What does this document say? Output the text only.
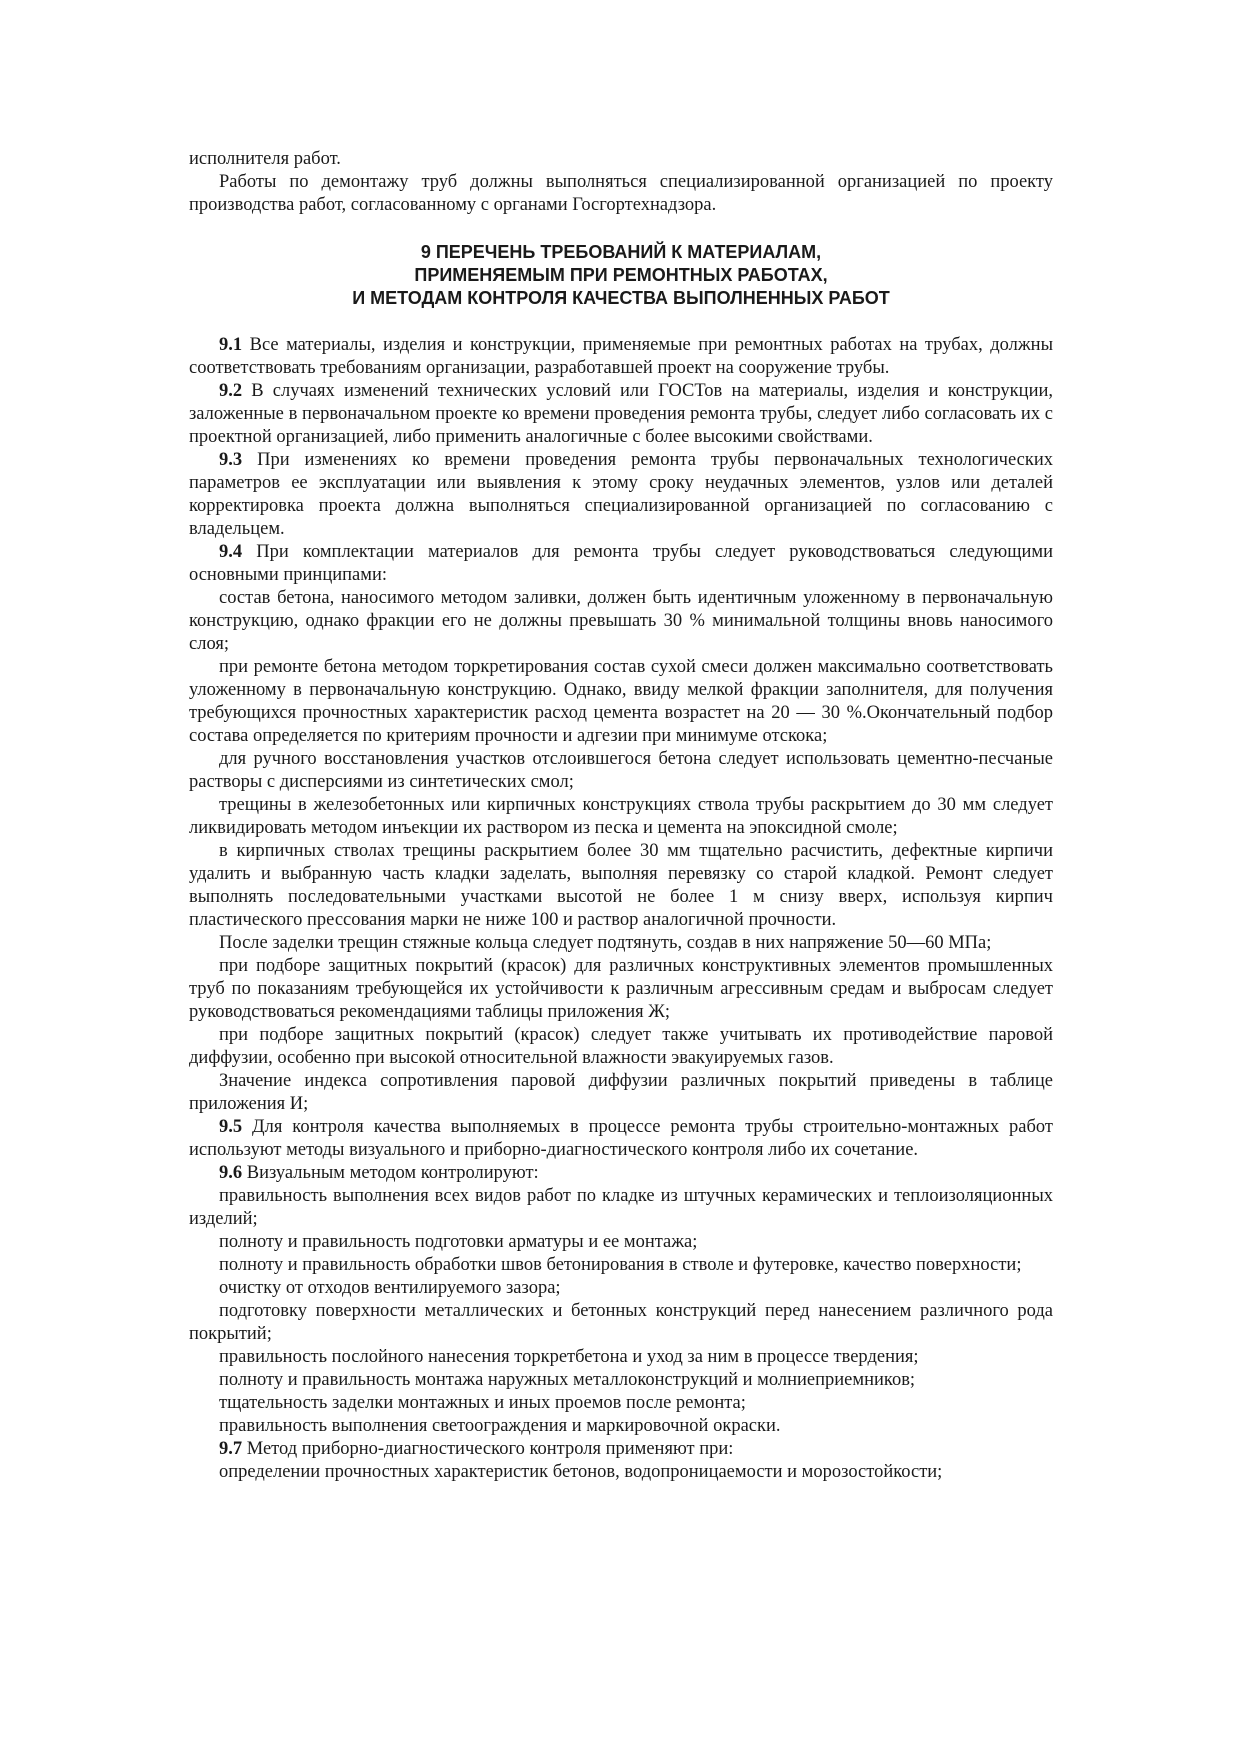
исполнителя работ.

Работы по демонтажу труб должны выполняться специализированной организацией по проекту производства работ, согласованному с органами Госгортехнадзора.

9 ПЕРЕЧЕНЬ ТРЕБОВАНИЙ К МАТЕРИАЛАМ,
ПРИМЕНЯЕМЫМ ПРИ РЕМОНТНЫХ РАБОТАХ,
И МЕТОДАМ КОНТРОЛЯ КАЧЕСТВА ВЫПОЛНЕННЫХ РАБОТ

9.1 Все материалы, изделия и конструкции, применяемые при ремонтных работах на трубах, должны соответствовать требованиям организации, разработавшей проект на сооружение трубы.

9.2 В случаях изменений технических условий или ГОСТов на материалы, изделия и конструкции, заложенные в первоначальном проекте ко времени проведения ремонта трубы, следует либо согласовать их с проектной организацией, либо применить аналогичные с более высокими свойствами.

9.3 При изменениях ко времени проведения ремонта трубы первоначальных технологических параметров ее эксплуатации или выявления к этому сроку неудачных элементов, узлов или деталей корректировка проекта должна выполняться специализированной организацией по согласованию с владельцем.

9.4 При комплектации материалов для ремонта трубы следует руководствоваться следующими основными принципами:

состав бетона, наносимого методом заливки, должен быть идентичным уложенному в первоначальную конструкцию, однако фракции его не должны превышать 30 % минимальной толщины вновь наносимого слоя;

при ремонте бетона методом торкретирования состав сухой смеси должен максимально соответствовать уложенному в первоначальную конструкцию. Однако, ввиду мелкой фракции заполнителя, для получения требующихся прочностных характеристик расход цемента возрастет на 20 — 30 %.Окончательный подбор состава определяется по критериям прочности и адгезии при минимуме отскока;

для ручного восстановления участков отслоившегося бетона следует использовать цементно-песчаные растворы с дисперсиями из синтетических смол;

трещины в железобетонных или кирпичных конструкциях ствола трубы раскрытием до 30 мм следует ликвидировать методом инъекции их раствором из песка и цемента на эпоксидной смоле;

в кирпичных стволах трещины раскрытием более 30 мм тщательно расчистить, дефектные кирпичи удалить и выбранную часть кладки заделать, выполняя перевязку со старой кладкой. Ремонт следует выполнять последовательными участками высотой не более 1 м снизу вверх, используя кирпич пластического прессования марки не ниже 100 и раствор аналогичной прочности.

После заделки трещин стяжные кольца следует подтянуть, создав в них напряжение 50—60 МПа;

при подборе защитных покрытий (красок) для различных конструктивных элементов промышленных труб по показаниям требующейся их устойчивости к различным агрессивным средам и выбросам следует руководствоваться рекомендациями таблицы приложения Ж;

при подборе защитных покрытий (красок) следует также учитывать их противодействие паровой диффузии, особенно при высокой относительной влажности эвакуируемых газов.

Значение индекса сопротивления паровой диффузии различных покрытий приведены в таблице приложения И;

9.5 Для контроля качества выполняемых в процессе ремонта трубы строительно-монтажных работ используют методы визуального и приборно-диагностического контроля либо их сочетание.

9.6 Визуальным методом контролируют:

правильность выполнения всех видов работ по кладке из штучных керамических и теплоизоляционных изделий;

полноту и правильность подготовки арматуры и ее монтажа;

полноту и правильность обработки швов бетонирования в стволе и футеровке, качество поверхности;

очистку от отходов вентилируемого зазора;

подготовку поверхности металлических и бетонных конструкций перед нанесением различного рода покрытий;

правильность послойного нанесения торкретбетона и уход за ним в процессе твердения;

полноту и правильность монтажа наружных металлоконструкций и молниеприемников;

тщательность заделки монтажных и иных проемов после ремонта;

правильность выполнения светоограждения и маркировочной окраски.

9.7 Метод приборно-диагностического контроля применяют при:

определении прочностных характеристик бетонов, водопроницаемости и морозостойкости;
